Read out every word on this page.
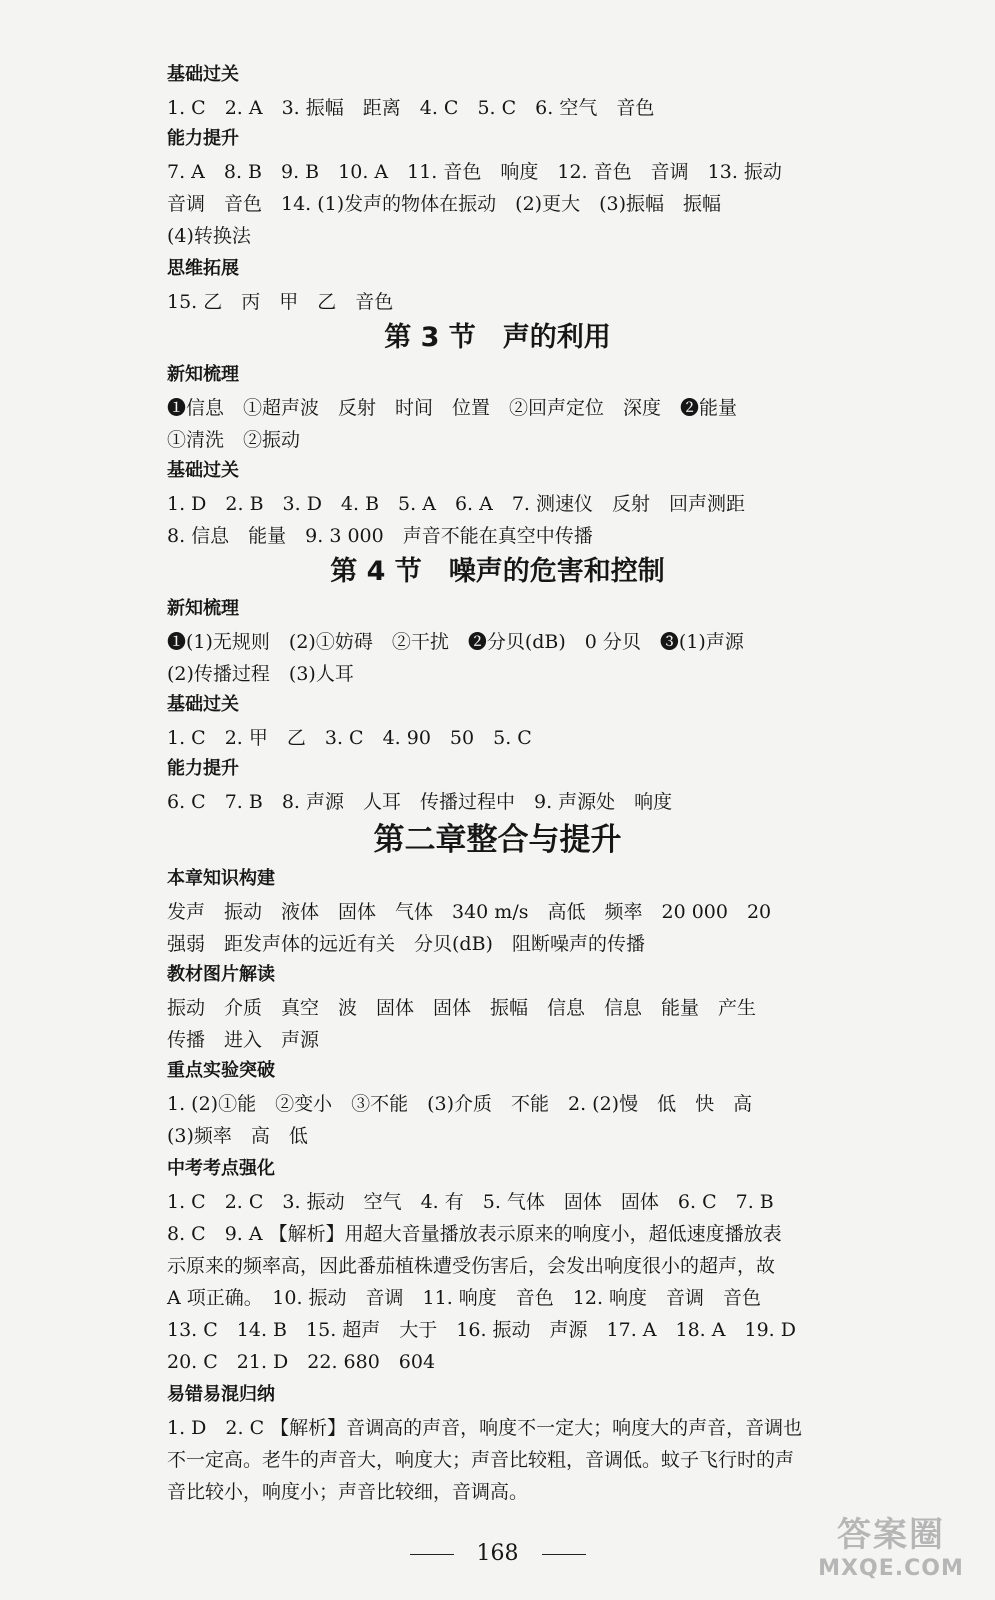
基础过关
1. C　2. A　3. 振幅　距离　4. C　5. C　6. 空气　音色
能力提升
7. A　8. B　9. B　10. A　11. 音色　响度　12. 音色　音调　13. 振动
音调　音色　14. (1)发声的物体在振动　(2)更大　(3)振幅　振幅
(4)转换法
思维拓展
15. 乙　丙　甲　乙　音色
第 3 节　声的利用
新知梳理
❶信息　①超声波　反射　时间　位置　②回声定位　深度　❷能量
①清洗　②振动
基础过关
1. D　2. B　3. D　4. B　5. A　6. A　7. 测速仪　反射　回声测距
8. 信息　能量　9. 3 000　声音不能在真空中传播
第 4 节　噪声的危害和控制
新知梳理
❶(1)无规则　(2)①妨碍　②干扰　❷分贝(dB)　0 分贝　❸(1)声源
(2)传播过程　(3)人耳
基础过关
1. C　2. 甲　乙　3. C　4. 90　50　5. C
能力提升
6. C　7. B　8. 声源　人耳　传播过程中　9. 声源处　响度
第二章整合与提升
本章知识构建
发声　振动　液体　固体　气体　340 m/s　高低　频率　20 000　20
强弱　距发声体的远近有关　分贝(dB)　阻断噪声的传播
教材图片解读
振动　介质　真空　波　固体　固体　振幅　信息　信息　能量　产生
传播　进入　声源
重点实验突破
1. (2)①能　②变小　③不能　(3)介质　不能　2. (2)慢　低　快　高
(3)频率　高　低
中考考点强化
1. C　2. C　3. 振动　空气　4. 有　5. 气体　固体　固体　6. C　7. B
8. C　9. A 【解析】用超大音量播放表示原来的响度小，超低速度播放表
示原来的频率高，因此番茄植株遭受伤害后，会发出响度很小的超声，故
A 项正确。　10. 振动　音调　11. 响度　音色　12. 响度　音调　音色
13. C　14. B　15. 超声　大于　16. 振动　声源　17. A　18. A　19. D
20. C　21. D　22. 680　604
易错易混归纳
1. D　2. C 【解析】音调高的声音，响度不一定大；响度大的声音，音调也
不一定高。老牛的声音大，响度大；声音比较粗，音调低。蚊子飞行时的声
音比较小，响度小；声音比较细，音调高。
168	答案圈
MXQE.COM
